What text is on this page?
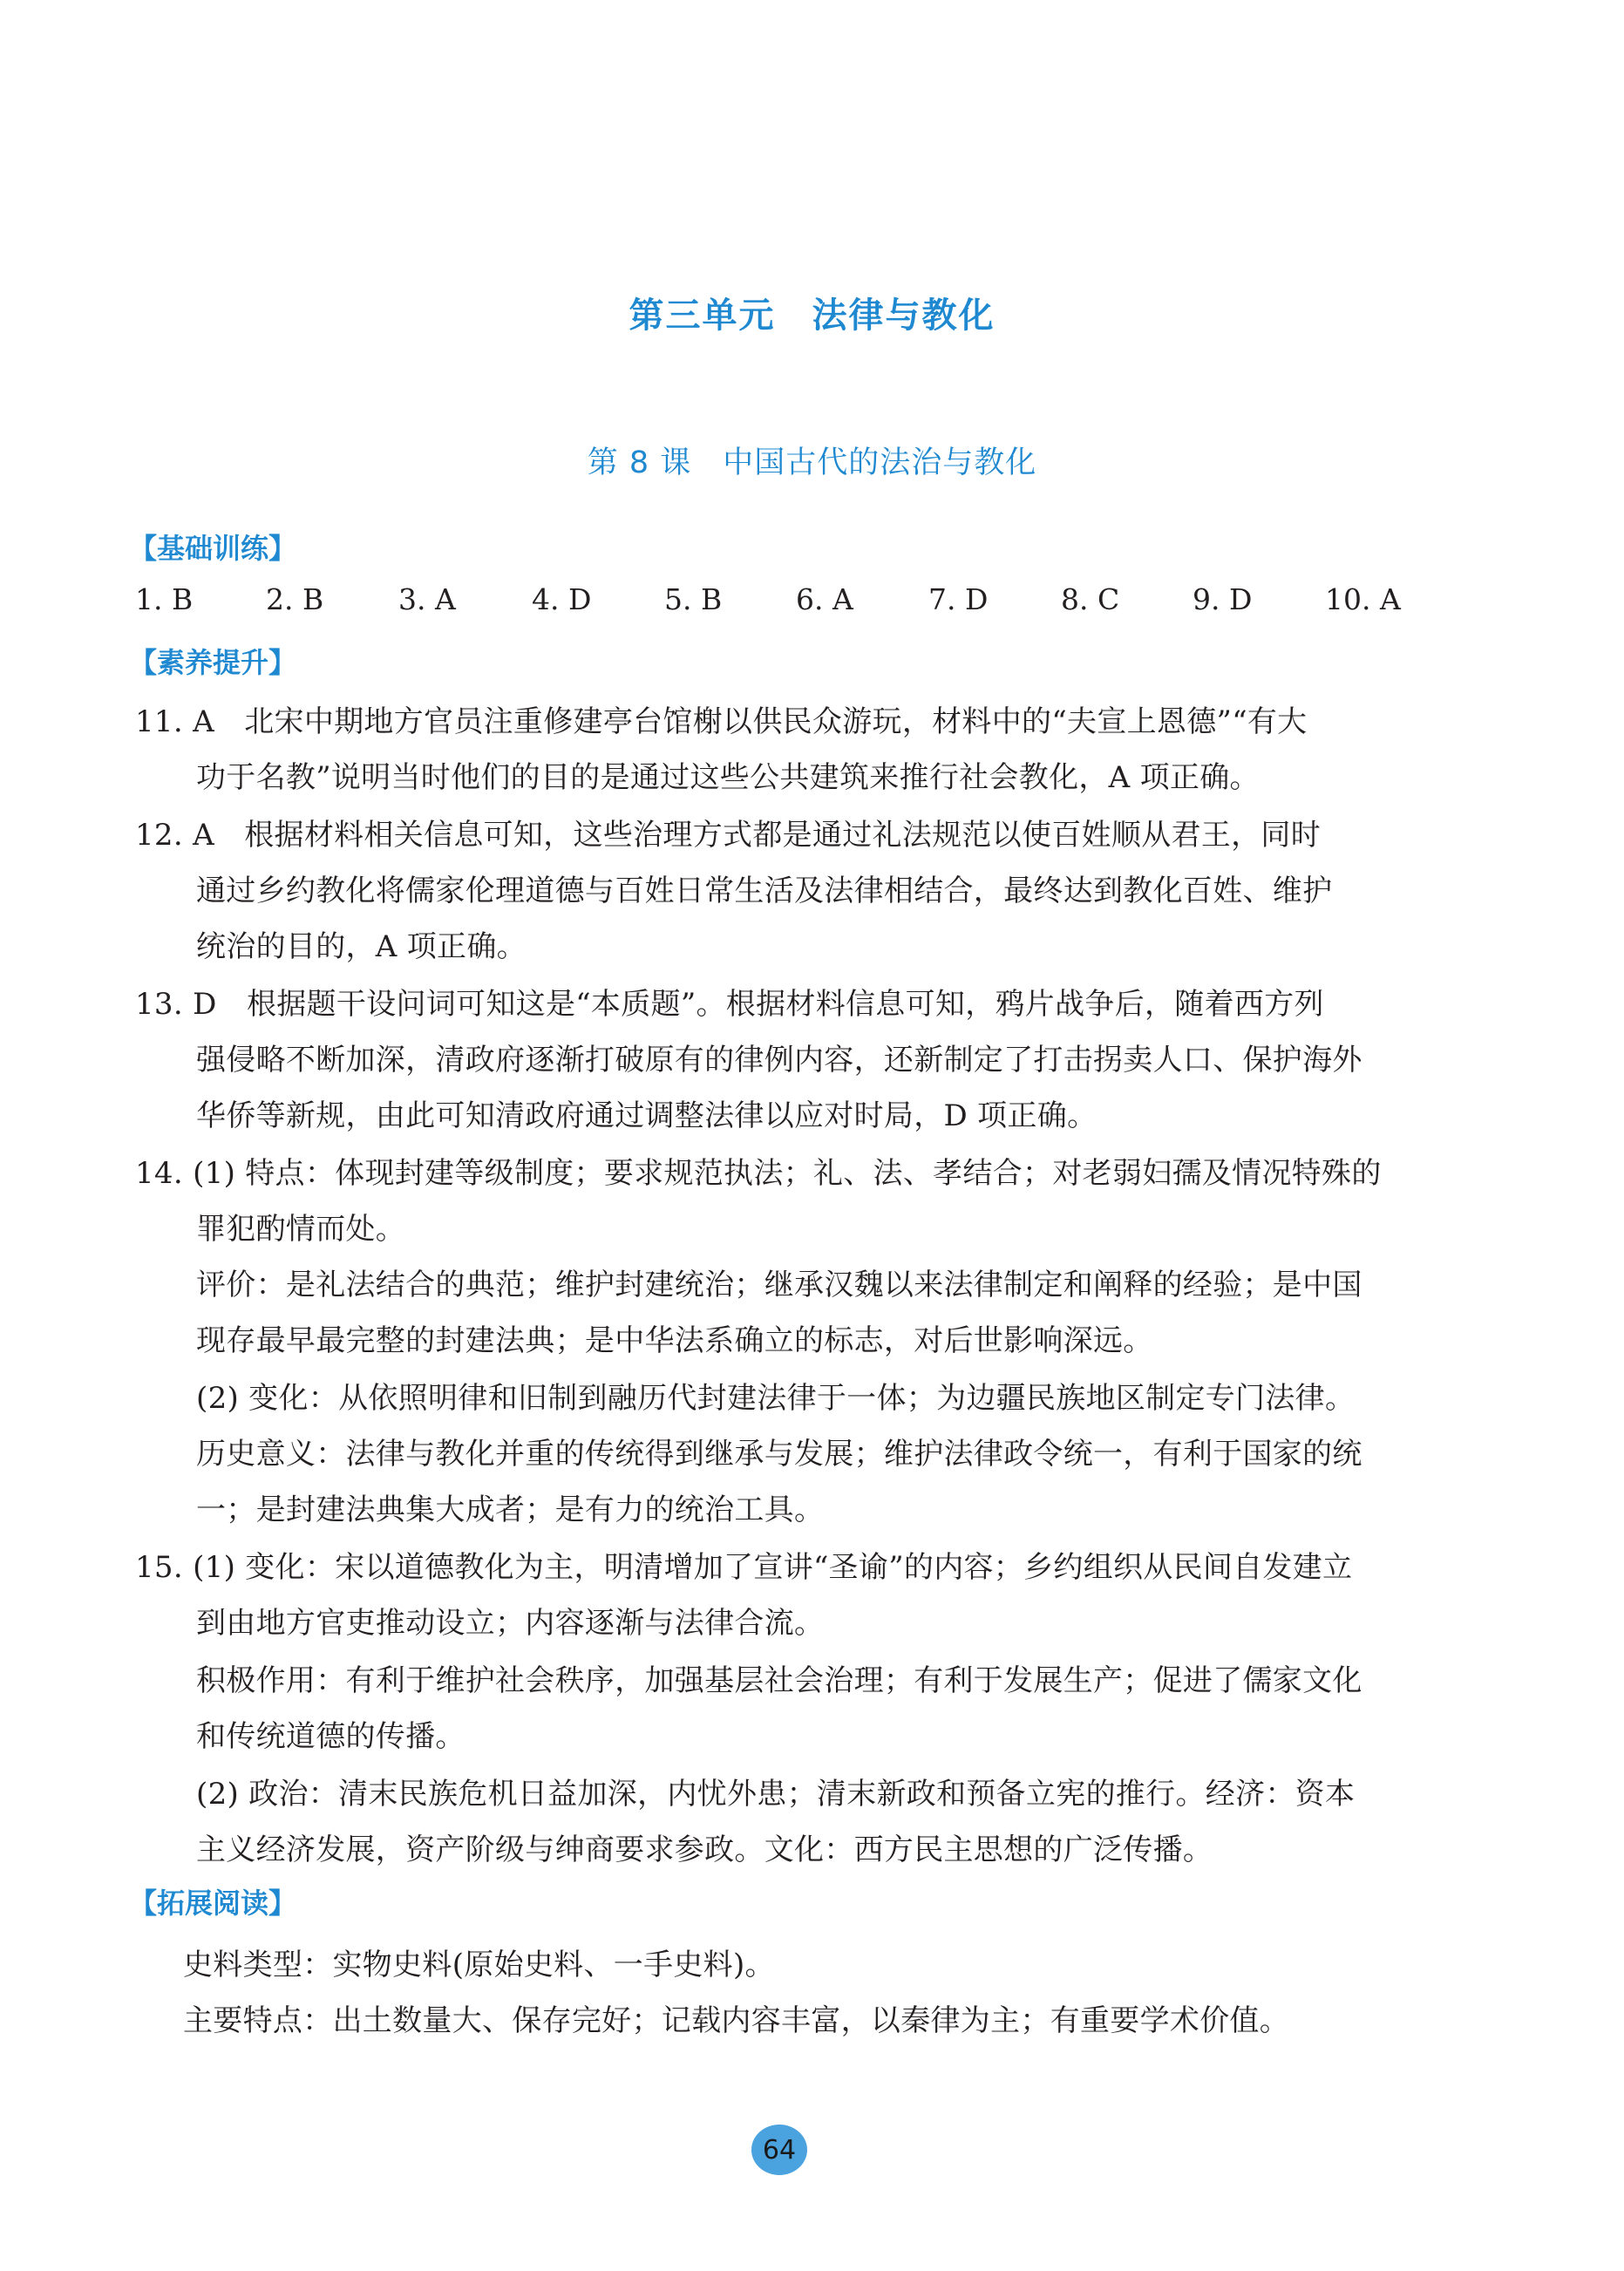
第三单元　法律与教化
第 8 课　中国古代的法治与教化
【基础训练】
1. B	2. B	3. A	4. D	5. B	6. A	7. D	8. C	9. D	10. A
【素养提升】
11. A　北宋中期地方官员注重修建亭台馆榭以供民众游玩，材料中的“夫宣上恩德”“有大
功于名教”说明当时他们的目的是通过这些公共建筑来推行社会教化，A 项正确。
12. A　根据材料相关信息可知，这些治理方式都是通过礼法规范以使百姓顺从君王，同时
通过乡约教化将儒家伦理道德与百姓日常生活及法律相结合，最终达到教化百姓、维护
统治的目的，A 项正确。
13. D　根据题干设问词可知这是“本质题”。根据材料信息可知，鸦片战争后，随着西方列
强侵略不断加深，清政府逐渐打破原有的律例内容，还新制定了打击拐卖人口、保护海外
华侨等新规，由此可知清政府通过调整法律以应对时局，D 项正确。
14. (1) 特点：体现封建等级制度；要求规范执法；礼、法、孝结合；对老弱妇孺及情况特殊的
罪犯酌情而处。
评价：是礼法结合的典范；维护封建统治；继承汉魏以来法律制定和阐释的经验；是中国
现存最早最完整的封建法典；是中华法系确立的标志，对后世影响深远。
(2) 变化：从依照明律和旧制到融历代封建法律于一体；为边疆民族地区制定专门法律。
历史意义：法律与教化并重的传统得到继承与发展；维护法律政令统一，有利于国家的统
一；是封建法典集大成者；是有力的统治工具。
15. (1) 变化：宋以道德教化为主，明清增加了宣讲“圣谕”的内容；乡约组织从民间自发建立
到由地方官吏推动设立；内容逐渐与法律合流。
积极作用：有利于维护社会秩序，加强基层社会治理；有利于发展生产；促进了儒家文化
和传统道德的传播。
(2) 政治：清末民族危机日益加深，内忧外患；清末新政和预备立宪的推行。经济：资本
主义经济发展，资产阶级与绅商要求参政。文化：西方民主思想的广泛传播。
【拓展阅读】
史料类型：实物史料(原始史料、一手史料)。
主要特点：出土数量大、保存完好；记载内容丰富，以秦律为主；有重要学术价值。
64
